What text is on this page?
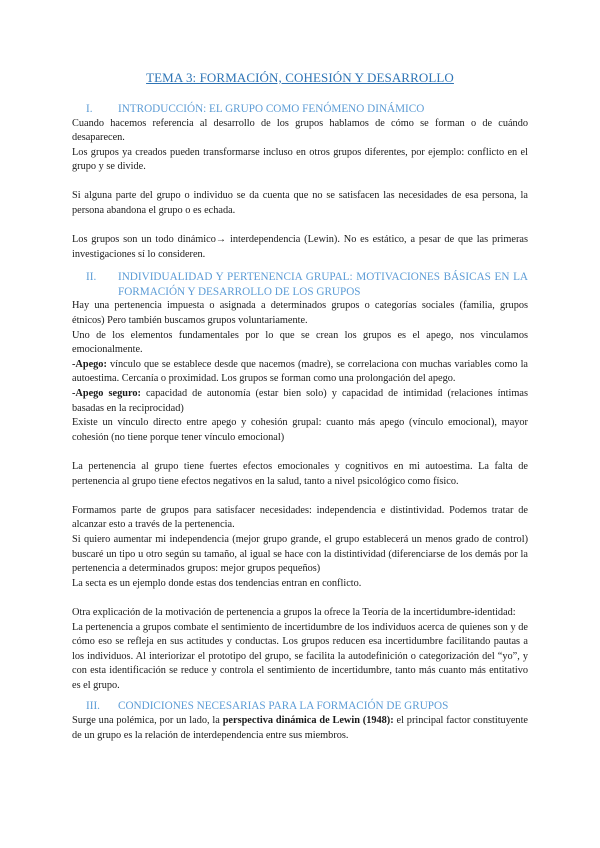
TEMA 3: FORMACIÓN, COHESIÓN Y DESARROLLO
I.	INTRODUCCIÓN: EL GRUPO COMO FENÓMENO DINÁMICO

Cuando hacemos referencia al desarrollo de los grupos hablamos de cómo se forman o de cuándo desaparecen.

Los grupos ya creados pueden transformarse incluso en otros grupos diferentes, por ejemplo: conflicto en el grupo y se divide.

Si alguna parte del grupo o individuo se da cuenta que no se satisfacen las necesidades de esa persona, la persona abandona el grupo o es echada.

Los grupos son un todo dinámico→ interdependencia (Lewin). No es estático, a pesar de que las primeras investigaciones sí lo consideren.

II.	INDIVIDUALIDAD Y PERTENENCIA GRUPAL: MOTIVACIONES BÁSICAS EN LA FORMACIÓN Y DESARROLLO DE LOS GRUPOS

Hay una pertenencia impuesta o asignada a determinados grupos o categorías sociales (familia, grupos étnicos) Pero también buscamos grupos voluntariamente.

Uno de los elementos fundamentales por lo que se crean los grupos es el apego, nos vinculamos emocionalmente.

-Apego: vínculo que se establece desde que nacemos (madre), se correlaciona con muchas variables como la autoestima. Cercanía o proximidad. Los grupos se forman como una prolongación del apego.

-Apego seguro: capacidad de autonomía (estar bien solo) y capacidad de intimidad (relaciones íntimas basadas en la reciprocidad)

Existe un vínculo directo entre apego y cohesión grupal: cuanto más apego (vínculo emocional), mayor cohesión (no tiene porque tener vínculo emocional)

La pertenencia al grupo tiene fuertes efectos emocionales y cognitivos en mi autoestima. La falta de pertenencia al grupo tiene efectos negativos en la salud, tanto a nivel psicológico como físico.

Formamos parte de grupos para satisfacer necesidades: independencia e distintividad. Podemos tratar de alcanzar esto a través de la pertenencia.

Si quiero aumentar mi independencia (mejor grupo grande, el grupo establecerá un menos grado de control) buscaré un tipo u otro según su tamaño, al igual se hace con la distintividad (diferenciarse de los demás por la pertenencia a determinados grupos: mejor grupos pequeños)

La secta es un ejemplo donde estas dos tendencias entran en conflicto.

Otra explicación de la motivación de pertenencia a grupos la ofrece la Teoría de la incertidumbre-identidad:

La pertenencia a grupos combate el sentimiento de incertidumbre de los individuos acerca de quienes son y de cómo eso se refleja en sus actitudes y conductas. Los grupos reducen esa incertidumbre facilitando pautas a los individuos. Al interiorizar el prototipo del grupo, se facilita la autodefinición o categorización del “yo”, y con esta identificación se reduce y controla el sentimiento de incertidumbre, tanto más cuanto más entitativo es el grupo.

III.	CONDICIONES NECESARIAS PARA LA FORMACIÓN DE GRUPOS

Surge una polémica, por un lado, la perspectiva dinámica de Lewin (1948): el principal factor constituyente de un grupo es la relación de interdependencia entre sus miembros.
